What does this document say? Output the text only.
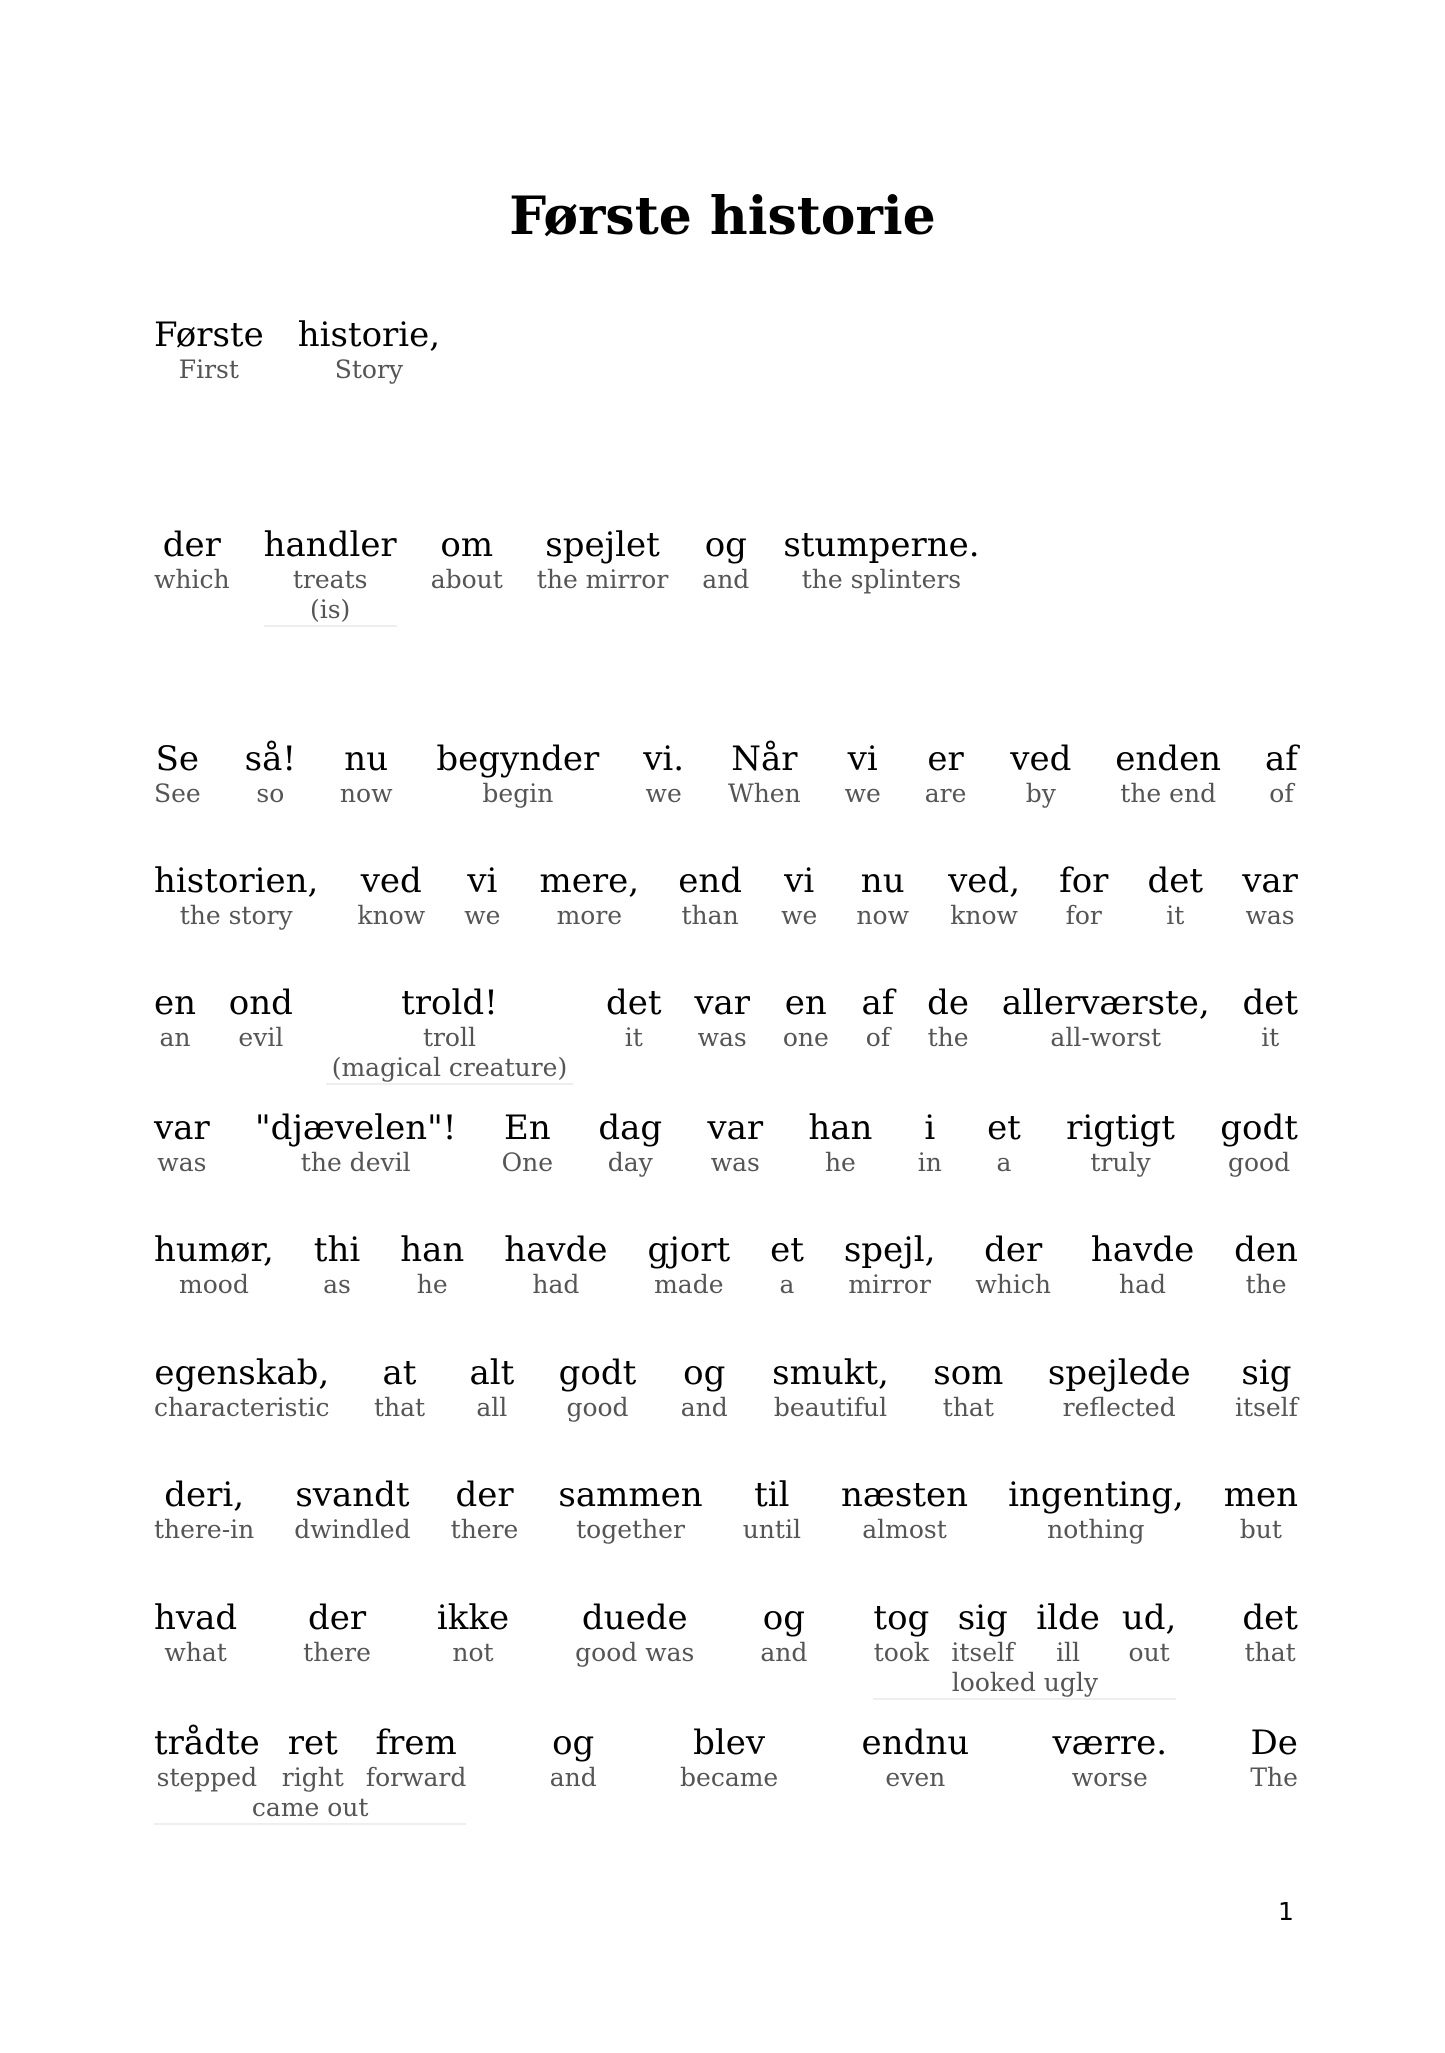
Første historie
Første
First
historie,
Story
der
which
handler
treats
(is)
om
about
spejlet
the mirror
og
and
stumperne.
the splinters
Se
See
så!
so
nu
now
begynder
begin
vi.
we
Når
When
vi
we
er
are
ved
by
enden
the end
af
of
historien,
the story
ved
know
vi
we
mere,
more
end
than
vi
we
nu
now
ved,
know
for
for
det
it
var
was
en
an
ond
evil
trold!
troll
(magical creature)
det
it
var
was
en
one
af
of
de
the
allerværste,
all-worst
det
it
var
was
"djævelen"!
the devil
En
One
dag
day
var
was
han
he
i
in
et
a
rigtigt
truly
godt
good
humør,
mood
thi
as
han
he
havde
had
gjort
made
et
a
spejl,
mirror
der
which
havde
had
den
the
egenskab,
characteristic
at
that
alt
all
godt
good
og
and
smukt,
beautiful
som
that
spejlede
reflected
sig
itself
deri,
there-in
svandt
dwindled
der
there
sammen
together
til
until
næsten
almost
ingenting,
nothing
men
but
hvad
what
der
there
ikke
not
duede
good was
og
and
tog
took
sig
itself
ilde
ill
ud,
out
looked ugly
det
that
trådte
stepped
ret
right
frem
forward
came out
og
and
blev
became
endnu
even
værre.
worse
De
The
1
